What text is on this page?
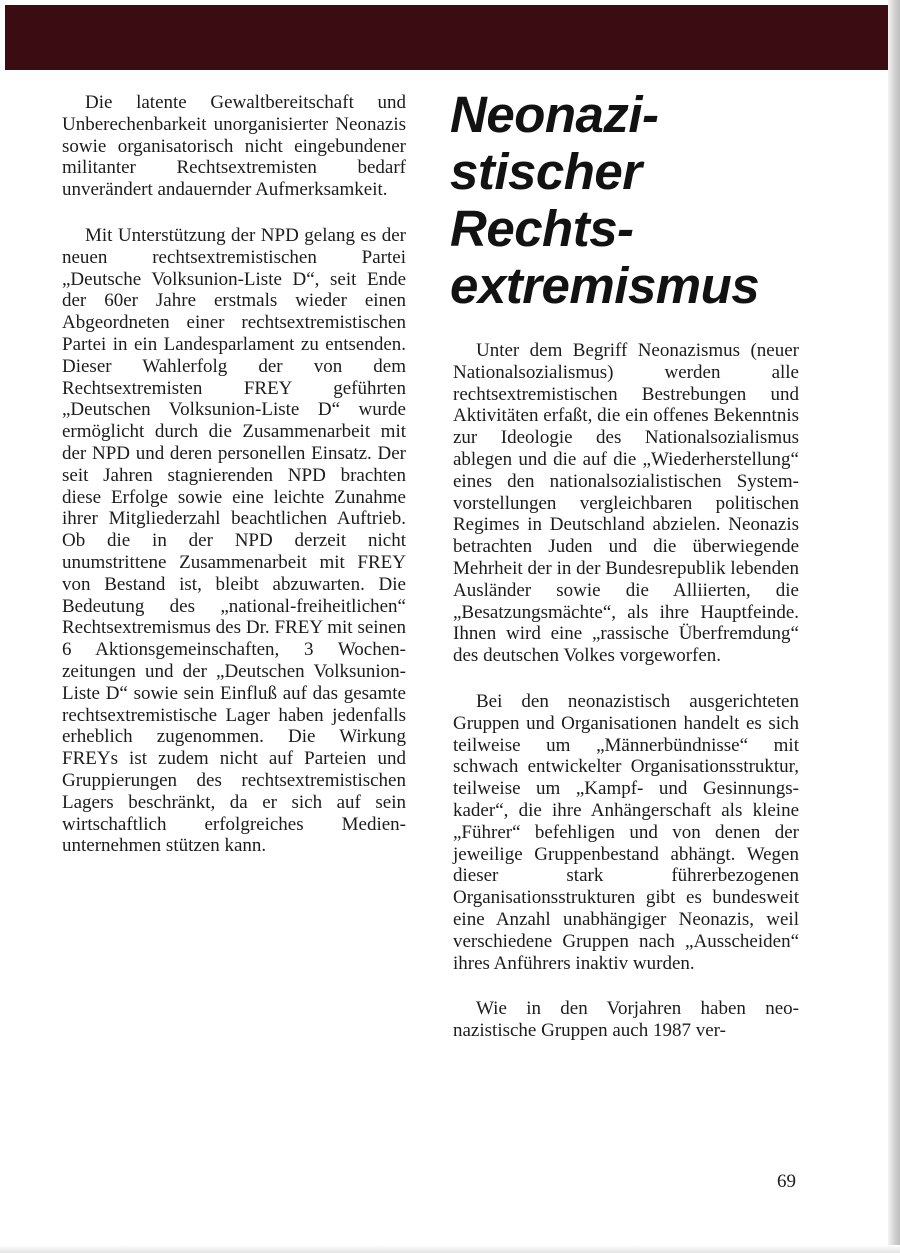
Die latente Gewaltbereitschaft und Unberechenbarkeit unorganisierter Neonazis sowie organisatorisch nicht eingebundener militanter Rechtsextremisten bedarf unverändert andauernder Aufmerksamkeit.

Mit Unterstützung der NPD gelang es der neuen rechtsextremistischen Partei „Deutsche Volksunion-Liste D“, seit Ende der 60er Jahre erstmals wieder einen Abgeordneten einer rechtsextremistischen Partei in ein Landesparlament zu entsenden. Dieser Wahlerfolg der von dem Rechtsextremisten FREY geführten „Deutschen Volksunion-Liste D“ wurde ermöglicht durch die Zusammenarbeit mit der NPD und deren personellen Einsatz. Der seit Jahren stagnierenden NPD brachten diese Erfolge sowie eine leichte Zunahme ihrer Mitgliederzahl beachtlichen Auftrieb. Ob die in der NPD derzeit nicht unumstrittene Zusammenarbeit mit FREY von Bestand ist, bleibt abzuwarten. Die Bedeutung des „national-freiheitlichen“ Rechtsextremismus des Dr. FREY mit seinen 6 Aktionsgemeinschaften, 3 Wochenzeitungen und der „Deutschen Volksunion-Liste D“ sowie sein Einfluß auf das gesamte rechtsextremistische Lager haben jedenfalls erheblich zugenommen. Die Wirkung FREYs ist zudem nicht auf Parteien und Gruppierungen des rechtsextremistischen Lagers beschränkt, da er sich auf sein wirtschaftlich erfolgreiches Medienunternehmen stützen kann.

Neonazi-
stischer
Rechts-
extremismus

Unter dem Begriff Neonazismus (neuer Nationalsozialismus) werden alle rechtsextremistischen Bestrebungen und Aktivitäten erfaßt, die ein offenes Bekenntnis zur Ideologie des Nationalsozialismus ablegen und die auf die „Wiederherstellung“ eines den nationalsozialistischen Systemvorstellungen vergleichbaren politischen Regimes in Deutschland abzielen. Neonazis betrachten Juden und die überwiegende Mehrheit der in der Bundesrepublik lebenden Ausländer sowie die Alliierten, die „Besatzungsmächte“, als ihre Hauptfeinde. Ihnen wird eine „rassische Überfremdung“ des deutschen Volkes vorgeworfen.

Bei den neonazistisch ausgerichteten Gruppen und Organisationen handelt es sich teilweise um „Männerbündnisse“ mit schwach entwickelter Organisationsstruktur, teilweise um „Kampf- und Gesinnungskader“, die ihre Anhängerschaft als kleine „Führer“ befehligen und von denen der jeweilige Gruppenbestand abhängt. Wegen dieser stark führerbezogenen Organisationsstrukturen gibt es bundesweit eine Anzahl unabhängiger Neonazis, weil verschiedene Gruppen nach „Ausscheiden“ ihres Anführers inaktiv wurden.

Wie in den Vorjahren haben neonazistische Gruppen auch 1987 ver-

69
